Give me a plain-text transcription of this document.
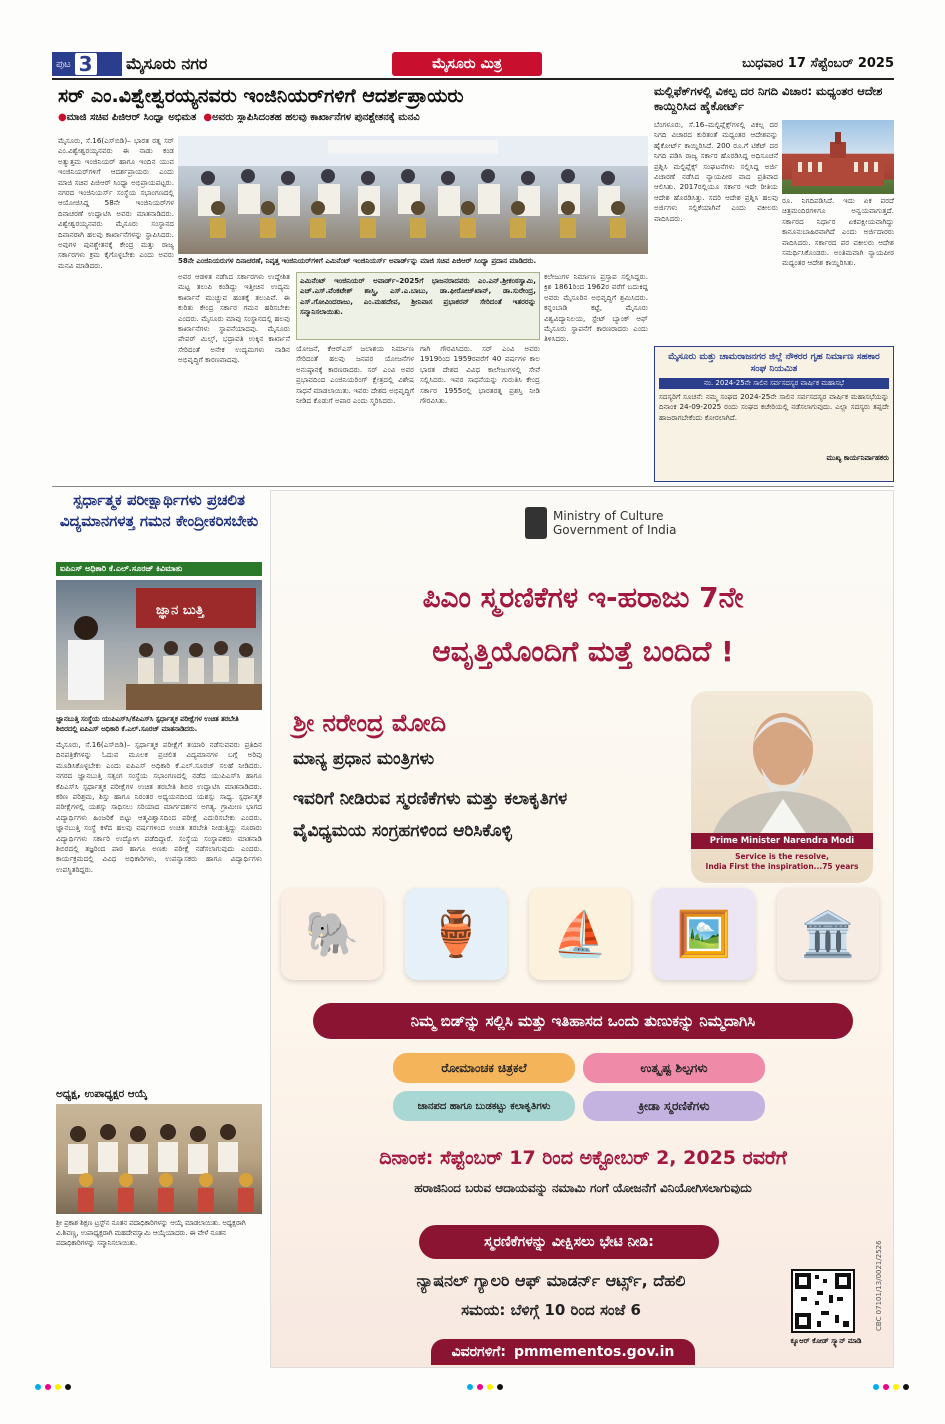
ಪುಟ 3 ಮೈಸೂರು ನಗರ	ಮೈಸೂರು ಮಿತ್ರ	ಬುಧವಾರ 17 ಸೆಪ್ಟೆಂಬರ್ 2025
ಸರ್ ಎಂ.ವಿಶ್ವೇಶ್ವರಯ್ಯನವರು ಇಂಜಿನಿಯರ್‌ಗಳಿಗೆ ಆದರ್ಶಪ್ರಾಯರು
●ಮಾಜಿ ಸಚಿವ ಪಿಜಿಆರ್ ಸಿಂಧ್ಯಾ ಅಭಿಮತ ●ಅವರು ಸ್ಥಾಪಿಸಿದಂತಹ ಹಲವು ಕಾರ್ಖಾನೆಗಳ ಪುನಶ್ಚೇತನಕ್ಕೆ ಮನವಿ
ಮೈಸೂರು, ಸೆ.16(ಎಸ್‌ಬಿಡಿ)– ಭಾರತ ರತ್ನ ಸರ್ ಎಂ.ವಿಶ್ವೇಶ್ವರಯ್ಯನವರು ಈ ನಾಡು ಕಂಡ ಅತ್ಯುತ್ತಮ ಇಂಜಿನಿಯರ್ ಹಾಗೂ ಇಂದಿನ ಯುವ ಇಂಜಿನಿಯರ್‌ಗಳಿಗೆ ಆದರ್ಶಪ್ರಾಯರು ಎಂದು ಮಾಜಿ ಸಚಿವ ಪಿಜಿಆರ್ ಸಿಂಧ್ಯಾ ಅಭಿಪ್ರಾಯಪಟ್ಟರು. ನಗರದ ಇಂಜಿನಿಯರ್ಸ್ ಸಂಸ್ಥೆಯ ಸಭಾಂಗಣದಲ್ಲಿ ಆಯೋಜಿಸಿದ್ದ 58ನೇ ಇಂಜಿನಿಯರ್‌ಗಳ ದಿನಾಚರಣೆ ಉದ್ಘಾಟಿಸಿ ಅವರು ಮಾತನಾಡಿದರು. ವಿಶ್ವೇಶ್ವರಯ್ಯನವರು ಮೈಸೂರು ಸಂಸ್ಥಾನದ ದಿವಾನರಾಗಿ ಹಲವು ಕಾರ್ಖಾನೆಗಳನ್ನು ಸ್ಥಾಪಿಸಿದರು. ಅವುಗಳ ಪುನಶ್ಚೇತನಕ್ಕೆ ಕೇಂದ್ರ ಮತ್ತು ರಾಜ್ಯ ಸರ್ಕಾರಗಳು ಕ್ರಮ ಕೈಗೊಳ್ಳಬೇಕು ಎಂದು ಅವರು ಮನವಿ ಮಾಡಿದರು.	58ನೇ ಎಂಜಿನಿಯರುಗಳ ದಿನಾಚರಣೆ, ನಿವೃತ್ತ ಇಂಜಿನಿಯರ್‌ಗಳಿಗೆ ಎಮಿನೆಂಟ್ ಇಂಜಿನಿಯರ್ಸ್ ಅವಾರ್ಡ್‌ನ್ನು ಮಾಜಿ ಸಚಿವ ಪಿಜಿಆರ್ ಸಿಂಧ್ಯಾ ಪ್ರದಾನ ಮಾಡಿದರು.
ಅವರ ಆಡಳಿತ ನಡೆಸಿದ ಸರ್ಕಾರಗಳು ಉದ್ದೇಶಿತ ಮಟ್ಟ ತಲುಪಿ ಕಂಡಿದ್ದು ಇತ್ತೀಚಿನ ಉದ್ಯಮ ಕಾರ್ಖಾನೆ ಮುಚ್ಚುವ ಹಂತಕ್ಕೆ ತಲುಪಿವೆ. ಈ ಕುರಿತು ಕೇಂದ್ರ ಸರ್ಕಾರ ಗಮನ ಹರಿಸಬೇಕು ಎಂದರು. ಮೈಸೂರು ಮಾವು ಸಂಸ್ಥಾನದಲ್ಲಿ ಹಲವು ಕಾರ್ಖಾನೆಗಳು ಸ್ಥಾಪನೆಯಾದವು. ಮೈಸೂರು ಪೇಪರ್ ಮಿಲ್ಸ್, ಭದ್ರಾವತಿ ಉಕ್ಕಿನ ಕಾರ್ಖಾನೆ ಸೇರಿದಂತೆ ಅನೇಕ ಉದ್ಯಮಗಳು ನಾಡಿನ ಅಭಿವೃದ್ಧಿಗೆ ಕಾರಣವಾದವು.
ಎಮಿನೆಂಟ್ ಇಂಜಿನಿಯರ್ ಅವಾರ್ಡ್–2025ಗೆ ಭಾಜನರಾದವರು ಎಂ.ಎನ್.ಶ್ರೀಕಂಠಸ್ವಾಮಿ, ಎಚ್.ಎಸ್.ವೆಂಕಟೇಶ್ ಶಾಸ್ತ್ರಿ, ಎಸ್.ಎ.ಬಾಬು, ಡಾ.ಫೀರೋಜ್‌ಖಾನ್, ಡಾ.ಸುರೇಂದ್ರ, ಎಸ್.ಗೋವಿಂದರಾಜು, ಎಂ.ಮಹದೇವ, ಶ್ರೀನಿವಾಸ ಪ್ರಭಾಕರನ್ ಸೇರಿದಂತೆ ಇತರರನ್ನು ಸನ್ಮಾನಿಸಲಾಯಿತು.
ಯೋಜನೆ, ಕೆಆರ್‌ಎಸ್ ಜಲಾಶಯ ನಿರ್ಮಾಣ ಸೇರಿದಂತೆ ಹಲವು ಜನಪರ ಯೋಜನೆಗಳ ಅನುಷ್ಠಾನಕ್ಕೆ ಕಾರಣರಾದರು. ಸರ್ ಎಂವಿ ಅವರ ಪ್ರಭಾವದಿಂದ ಎಂಜಿನಿಯರಿಂಗ್ ಕ್ಷೇತ್ರದಲ್ಲಿ ವಿಶೇಷ ಸಾಧನೆ ಮಾಡಲಾಯಿತು. ಇವರು ದೇಶದ ಅಭಿವೃದ್ಧಿಗೆ ನೀಡಿದ ಕೊಡುಗೆ ಅಪಾರ ಎಂದು ಸ್ಮರಿಸಿದರು.
ಗಾಗಿ ಗೌರವಿಸಿದರು. ಸರ್ ಎಂವಿ ಅವರು 1919ರಿಂದ 1959ರವರೆಗೆ 40 ವರ್ಷಗಳ ಕಾಲ ಭಾರತ ದೇಶದ ವಿವಿಧ ಕಾಲೇಜುಗಳಲ್ಲಿ ಸೇವೆ ಸಲ್ಲಿಸಿದರು. ಇವರ ಸಾಧನೆಯನ್ನು ಗುರುತಿಸಿ ಕೇಂದ್ರ ಸರ್ಕಾರ 1955ರಲ್ಲಿ ಭಾರತರತ್ನ ಪ್ರಶಸ್ತಿ ನೀಡಿ ಗೌರವಿಸಿತು.
ಕಲೇಜುಗಳ ನಿರ್ಮಾಣ ಪ್ರಸ್ತಾಪ ಸಲ್ಲಿಸಿದ್ದರು. ಕ್ರಿಶ 1861ರಿಂದ 1962ರ ವರೆಗೆ ಬದುಕಿದ್ದ ಅವರು ಮೈಸೂರಿನ ಅಭಿವೃದ್ಧಿಗೆ ಶ್ರಮಿಸಿದರು. ಕನ್ನಂಬಾಡಿ ಕಟ್ಟೆ, ಮೈಸೂರು ವಿಶ್ವವಿದ್ಯಾನಿಲಯ, ಸ್ಟೇಟ್ ಬ್ಯಾಂಕ್ ಆಫ್ ಮೈಸೂರು ಸ್ಥಾಪನೆಗೆ ಕಾರಣರಾದರು ಎಂದು ತಿಳಿಸಿದರು.
ಮಲ್ಲಿಫೆಕ್‌ಗಳಲ್ಲಿ ವಿಕಲ್ಪ ದರ ನಿಗದಿ ವಿಚಾರ: ಮಧ್ಯಂತರ ಆದೇಶ ಕಾಯ್ದಿರಿಸಿದ ಹೈಕೋರ್ಟ್
ಬೆಂಗಳೂರು, ಸೆ.16–ಮಲ್ಟಿಪ್ಲೆಕ್ಸ್‌ಗಳಲ್ಲಿ ವಿಕಲ್ಪ ದರ ನಿಗದಿ ವಿಚಾರದ ಕುರಿತಂತೆ ಮಧ್ಯಂತರ ಆದೇಶವನ್ನು ಹೈಕೋರ್ಟ್ ಕಾಯ್ದಿರಿಸಿದೆ. 200 ರೂ.ಗೆ ಟಿಕೆಟ್ ದರ ನಿಗದಿ ಪಡಿಸಿ ರಾಜ್ಯ ಸರ್ಕಾರ ಹೊರಡಿಸಿದ್ದ ಅಧಿಸೂಚನೆ ಪ್ರಶ್ನಿಸಿ ಮಲ್ಟಿಪ್ಲೆಕ್ಸ್ ಸಂಘಟನೆಗಳು ಸಲ್ಲಿಸಿದ್ದ ಅರ್ಜಿ ವಿಚಾರಣೆ ನಡೆಸಿದ ನ್ಯಾಯಪೀಠ ವಾದ ಪ್ರತಿವಾದ ಆಲಿಸಿತು. 2017ರಲ್ಲಿಯೂ ಸರ್ಕಾರ ಇದೇ ರೀತಿಯ ಆದೇಶ ಹೊರಡಿಸಿತ್ತು. ಸದರಿ ಆದೇಶ ಪ್ರಶ್ನಿಸಿ ಹಲವು ಅರ್ಜಿಗಳು ಸಲ್ಲಿಕೆಯಾಗಿವೆ ಎಂದು ವಕೀಲರು ವಾದಿಸಿದರು.
ರೂ. ನಿಗದಿಪಡಿಸಿದೆ. ಇದು ಏಕ ಪರದೆ ಚಿತ್ರಮಂದಿರಗಳಿಗೂ ಅನ್ವಯವಾಗುತ್ತದೆ. ಸರ್ಕಾರದ ನಿರ್ಧಾರ ಏಕಪಕ್ಷೀಯವಾಗಿದ್ದು ಕಾನೂನುಬಾಹಿರವಾಗಿದೆ ಎಂದು ಅರ್ಜಿದಾರರು ವಾದಿಸಿದರು. ಸರ್ಕಾರದ ಪರ ವಕೀಲರು ಆದೇಶ ಸಮರ್ಥಿಸಿಕೊಂಡರು. ಅಂತಿಮವಾಗಿ ನ್ಯಾಯಪೀಠ ಮಧ್ಯಂತರ ಆದೇಶ ಕಾಯ್ದಿರಿಸಿತು.
ಮೈಸೂರು ಮತ್ತು ಚಾಮರಾಜನಗರ ಜಿಲ್ಲೆ ನೌಕರರ ಗೃಹ ನಿರ್ಮಾಣ ಸಹಕಾರ ಸಂಘ ನಿಯಮಿತ
ನಂ. 2024-25ನೇ ಸಾಲಿನ ಸರ್ವಸದಸ್ಯರ ವಾರ್ಷಿಕ ಮಹಾಸಭೆ
ಸದಸ್ಯರಿಗೆ ಸೂಚನೆ: ನಮ್ಮ ಸಂಘದ 2024-25ನೇ ಸಾಲಿನ ಸರ್ವಸದಸ್ಯರ ವಾರ್ಷಿಕ ಮಹಾಸಭೆಯನ್ನು ದಿನಾಂಕ 24-09-2025 ರಂದು ಸಂಘದ ಕಚೇರಿಯಲ್ಲಿ ನಡೆಸಲಾಗುವುದು. ಎಲ್ಲಾ ಸದಸ್ಯರು ತಪ್ಪದೇ ಹಾಜರಾಗಬೇಕೆಂದು ಕೋರಲಾಗಿದೆ.
ಮುಖ್ಯ ಕಾರ್ಯನಿರ್ವಾಹಕರು
ಸ್ಪರ್ಧಾತ್ಮಕ ಪರೀಕ್ಷಾರ್ಥಿಗಳು ಪ್ರಚಲಿತ ವಿದ್ಯಮಾನಗಳತ್ತ ಗಮನ ಕೇಂದ್ರೀಕರಿಸಬೇಕು
ಐಪಿಎಸ್ ಅಧಿಕಾರಿ ಕೆ.ಎಲ್.ಸೂರಜ್ ಕಿವಿಮಾತು
ಜ್ಞಾನ ಬುತ್ತಿ
ಜ್ಞಾನಬುತ್ತಿ ಸಂಸ್ಥೆಯ ಯುಪಿಎಸ್‌ಸಿ/ಕೆಪಿಎಸ್‌ಸಿ ಸ್ಪರ್ಧಾತ್ಮಕ ಪರೀಕ್ಷೆಗಳ ಉಚಿತ ತರಬೇತಿ ಶಿಬಿರದಲ್ಲಿ ಐಪಿಎಸ್ ಅಧಿಕಾರಿ ಕೆ.ಎಲ್.ಸೂರಜ್ ಮಾತನಾಡಿದರು.
ಮೈಸೂರು, ಸೆ.16(ಎಸ್‌ಬಿಡಿ)– ಸ್ಪರ್ಧಾತ್ಮಕ ಪರೀಕ್ಷೆಗೆ ತಯಾರಿ ನಡೆಸುವವರು ಪ್ರತಿದಿನ ದಿನಪತ್ರಿಕೆಗಳನ್ನು ಓದುವ ಮೂಲಕ ಪ್ರಚಲಿತ ವಿದ್ಯಮಾನಗಳ ಬಗ್ಗೆ ಅರಿವು ಮೂಡಿಸಿಕೊಳ್ಳಬೇಕು ಎಂದು ಐಪಿಎಸ್ ಅಧಿಕಾರಿ ಕೆ.ಎಲ್.ಸೂರಜ್ ಸಲಹೆ ನೀಡಿದರು. ನಗರದ ಜ್ಞಾನಬುತ್ತಿ ಸತ್ಸಂಗ ಸಂಸ್ಥೆಯ ಸಭಾಂಗಣದಲ್ಲಿ ನಡೆದ ಯುಪಿಎಸ್‌ಸಿ ಹಾಗೂ ಕೆಪಿಎಸ್‌ಸಿ ಸ್ಪರ್ಧಾತ್ಮಕ ಪರೀಕ್ಷೆಗಳ ಉಚಿತ ತರಬೇತಿ ಶಿಬಿರ ಉದ್ಘಾಟಿಸಿ ಮಾತನಾಡಿದರು. ಕಠಿಣ ಪರಿಶ್ರಮ, ಶಿಸ್ತು ಹಾಗೂ ನಿರಂತರ ಅಧ್ಯಯನದಿಂದ ಯಶಸ್ಸು ಸಾಧ್ಯ. ಸ್ಪರ್ಧಾತ್ಮಕ ಪರೀಕ್ಷೆಗಳಲ್ಲಿ ಯಶಸ್ಸು ಸಾಧಿಸಲು ಸರಿಯಾದ ಮಾರ್ಗದರ್ಶನ ಅಗತ್ಯ. ಗ್ರಾಮೀಣ ಭಾಗದ ವಿದ್ಯಾರ್ಥಿಗಳು ಹಿಂಜರಿಕೆ ಬಿಟ್ಟು ಆತ್ಮವಿಶ್ವಾಸದಿಂದ ಪರೀಕ್ಷೆ ಎದುರಿಸಬೇಕು ಎಂದರು. ಜ್ಞಾನಬುತ್ತಿ ಸಂಸ್ಥೆ ಕಳೆದ ಹಲವು ವರ್ಷಗಳಿಂದ ಉಚಿತ ತರಬೇತಿ ನೀಡುತ್ತಿದ್ದು ನೂರಾರು ವಿದ್ಯಾರ್ಥಿಗಳು ಸರ್ಕಾರಿ ಉದ್ಯೋಗ ಪಡೆದಿದ್ದಾರೆ. ಸಂಸ್ಥೆಯ ಸಂಸ್ಥಾಪಕರು ಮಾತನಾಡಿ ಶಿಬಿರದಲ್ಲಿ ತಜ್ಞರಿಂದ ಪಾಠ ಹಾಗೂ ಅಣಕು ಪರೀಕ್ಷೆ ನಡೆಸಲಾಗುವುದು ಎಂದರು. ಕಾರ್ಯಕ್ರಮದಲ್ಲಿ ವಿವಿಧ ಅಧಿಕಾರಿಗಳು, ಉಪನ್ಯಾಸಕರು ಹಾಗೂ ವಿದ್ಯಾರ್ಥಿಗಳು ಉಪಸ್ಥಿತರಿದ್ದರು.
ಅಧ್ಯಕ್ಷ, ಉಪಾಧ್ಯಕ್ಷರ ಆಯ್ಕೆ
ಶ್ರೀ ಪ್ರಕಾಶ ಶಿಕ್ಷಣ ಟ್ರಸ್ಟ್‌ನ ನೂತನ ಪದಾಧಿಕಾರಿಗಳನ್ನು ಆಯ್ಕೆ ಮಾಡಲಾಯಿತು. ಅಧ್ಯಕ್ಷರಾಗಿ ವಿ.ಶಿವಣ್ಣ, ಉಪಾಧ್ಯಕ್ಷರಾಗಿ ಮಹದೇವಸ್ವಾಮಿ ಆಯ್ಕೆಯಾದರು. ಈ ವೇಳೆ ನೂತನ ಪದಾಧಿಕಾರಿಗಳನ್ನು ಸನ್ಮಾನಿಸಲಾಯಿತು.
Ministry of Culture
Government of India
ಪಿಎಂ ಸ್ಮರಣಿಕೆಗಳ ಇ-ಹರಾಜು 7ನೇ
ಆವೃತ್ತಿಯೊಂದಿಗೆ ಮತ್ತೆ ಬಂದಿದೆ !
ಶ್ರೀ ನರೇಂದ್ರ ಮೋದಿ
ಮಾನ್ಯ ಪ್ರಧಾನ ಮಂತ್ರಿಗಳು
ಇವರಿಗೆ ನೀಡಿರುವ ಸ್ಮರಣಿಕೆಗಳು ಮತ್ತು ಕಲಾಕೃತಿಗಳ
ವೈವಿಧ್ಯಮಯ ಸಂಗ್ರಹಗಳಿಂದ ಆರಿಸಿಕೊಳ್ಳಿ	Prime Minister Narendra Modi
Service is the resolve,
India First the inspiration...75 years
🐘 🏺 ⛵ 🖼️ 🏛️
ನಿಮ್ಮ ಬಿಡ್‌ನ್ನು ಸಲ್ಲಿಸಿ ಮತ್ತು ಇತಿಹಾಸದ ಒಂದು ತುಣುಕನ್ನು ನಿಮ್ಮದಾಗಿಸಿ
ರೋಮಾಂಚಕ ಚಿತ್ರಕಲೆ	ಉತ್ಕೃಷ್ಟ ಶಿಲ್ಪಗಳು
ಜಾನಪದ ಹಾಗೂ ಬುಡಕಟ್ಟು ಕಲಾಕೃತಿಗಳು	ಕ್ರೀಡಾ ಸ್ಮರಣಿಕೆಗಳು
ದಿನಾಂಕ: ಸೆಪ್ಟೆಂಬರ್ 17 ರಿಂದ ಅಕ್ಟೋಬರ್ 2, 2025 ರವರೆಗೆ
ಹರಾಜಿನಿಂದ ಬರುವ ಆದಾಯವನ್ನು ನಮಾಮಿ ಗಂಗೆ ಯೋಜನೆಗೆ ವಿನಿಯೋಗಿಸಲಾಗುವುದು
ಸ್ಮರಣಿಕೆಗಳನ್ನು ವೀಕ್ಷಿಸಲು ಭೇಟಿ ನೀಡಿ:
ನ್ಯಾಷನಲ್ ಗ್ಯಾಲರಿ ಆಫ್ ಮಾಡರ್ನ್ ಆರ್ಟ್ಸ್, ದೆಹಲಿ
ಸಮಯ: ಬೆಳಿಗ್ಗೆ 10 ರಿಂದ ಸಂಜೆ 6
ಕ್ಯೂಆರ್ ಕೋಡ್ ಸ್ಕ್ಯಾನ್ ಮಾಡಿ
ವಿವರಗಳಿಗೆ: pmmementos.gov.in
CBC 07101/13/0021/2526
